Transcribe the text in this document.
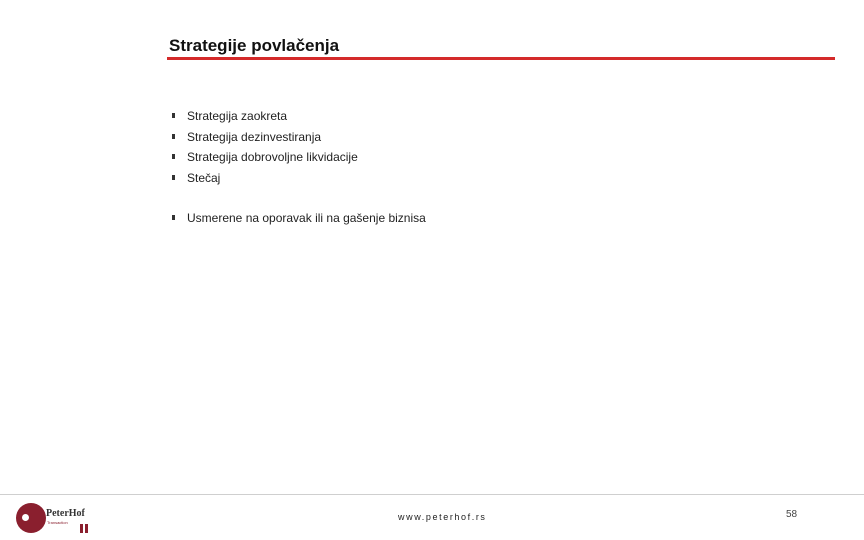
Strategije povlačenja
Strategija zaokreta
Strategija dezinvestiranja
Strategija dobrovoljne likvidacije
Stečaj
Usmerene na oporavak ili na gašenje biznisa
PeterHof
Transaction
www.peterhof.rs	58
